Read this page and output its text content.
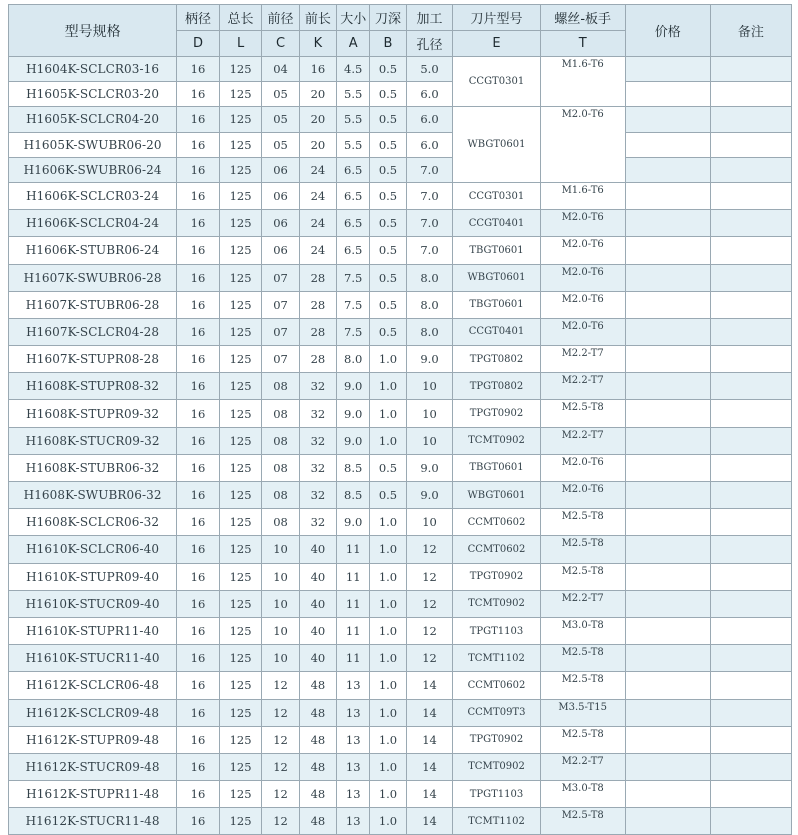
型号规格	柄径	总长	前径	前长	大小	刀深	加工	刀片型号	螺丝-板手	价格	备注
	D	L	C	K	A	B	孔径	E	T		
H1604K-SCLCR03-16	16	125	04	16	4.5	0.5	5.0	CCGT0301	M1.6-T6		
H1605K-SCLCR03-20	16	125	05	20	5.5	0.5	6.0				
H1605K-SCLCR04-20	16	125	05	20	5.5	0.5	6.0	WBGT0601	M2.0-T6		
H1605K-SWUBR06-20	16	125	05	20	5.5	0.5	6.0				
H1606K-SWUBR06-24	16	125	06	24	6.5	0.5	7.0				
H1606K-SCLCR03-24	16	125	06	24	6.5	0.5	7.0	CCGT0301	M1.6-T6		
H1606K-SCLCR04-24	16	125	06	24	6.5	0.5	7.0	CCGT0401	M2.0-T6		
H1606K-STUBR06-24	16	125	06	24	6.5	0.5	7.0	TBGT0601	M2.0-T6		
H1607K-SWUBR06-28	16	125	07	28	7.5	0.5	8.0	WBGT0601	M2.0-T6		
H1607K-STUBR06-28	16	125	07	28	7.5	0.5	8.0	TBGT0601	M2.0-T6		
H1607K-SCLCR04-28	16	125	07	28	7.5	0.5	8.0	CCGT0401	M2.0-T6		
H1607K-STUPR08-28	16	125	07	28	8.0	1.0	9.0	TPGT0802	M2.2-T7		
H1608K-STUPR08-32	16	125	08	32	9.0	1.0	10	TPGT0802	M2.2-T7		
H1608K-STUPR09-32	16	125	08	32	9.0	1.0	10	TPGT0902	M2.5-T8		
H1608K-STUCR09-32	16	125	08	32	9.0	1.0	10	TCMT0902	M2.2-T7		
H1608K-STUBR06-32	16	125	08	32	8.5	0.5	9.0	TBGT0601	M2.0-T6		
H1608K-SWUBR06-32	16	125	08	32	8.5	0.5	9.0	WBGT0601	M2.0-T6		
H1608K-SCLCR06-32	16	125	08	32	9.0	1.0	10	CCMT0602	M2.5-T8		
H1610K-SCLCR06-40	16	125	10	40	11	1.0	12	CCMT0602	M2.5-T8		
H1610K-STUPR09-40	16	125	10	40	11	1.0	12	TPGT0902	M2.5-T8		
H1610K-STUCR09-40	16	125	10	40	11	1.0	12	TCMT0902	M2.2-T7		
H1610K-STUPR11-40	16	125	10	40	11	1.0	12	TPGT1103	M3.0-T8		
H1610K-STUCR11-40	16	125	10	40	11	1.0	12	TCMT1102	M2.5-T8		
H1612K-SCLCR06-48	16	125	12	48	13	1.0	14	CCMT0602	M2.5-T8		
H1612K-SCLCR09-48	16	125	12	48	13	1.0	14	CCMT09T3	M3.5-T15		
H1612K-STUPR09-48	16	125	12	48	13	1.0	14	TPGT0902	M2.5-T8		
H1612K-STUCR09-48	16	125	12	48	13	1.0	14	TCMT0902	M2.2-T7		
H1612K-STUPR11-48	16	125	12	48	13	1.0	14	TPGT1103	M3.0-T8		
H1612K-STUCR11-48	16	125	12	48	13	1.0	14	TCMT1102	M2.5-T8		
